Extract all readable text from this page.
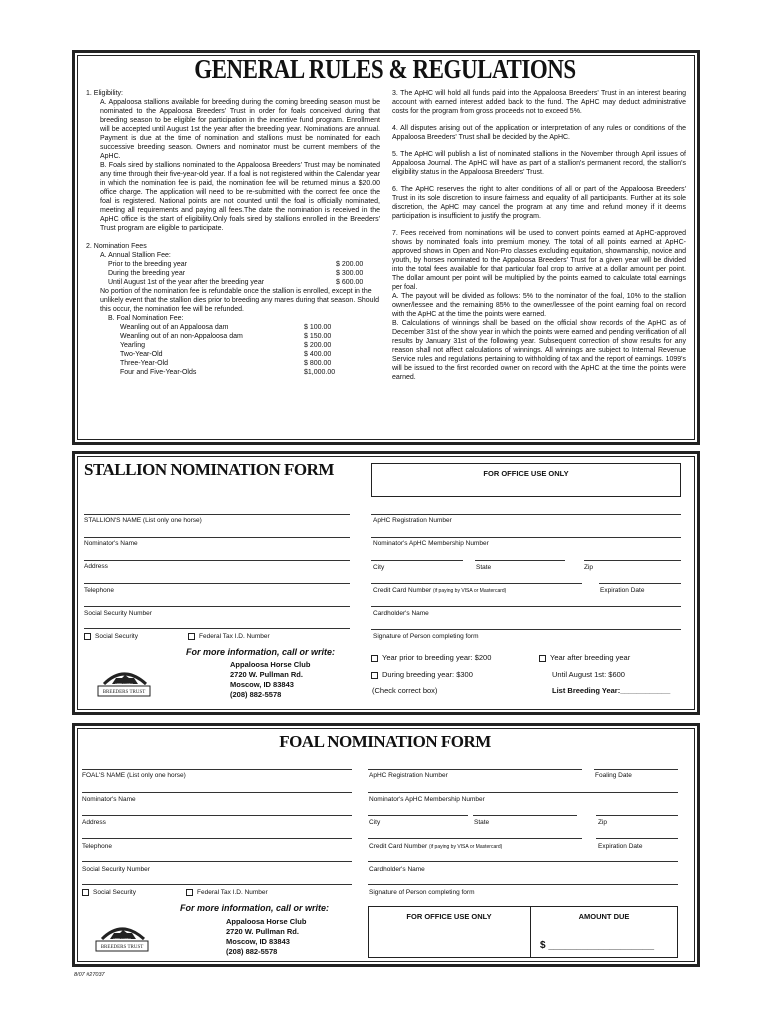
GENERAL RULES & REGULATIONS
1. Eligibility:
A. Appaloosa stallions available for breeding during the coming breeding season must be nominated to the Appaloosa Breeders' Trust in order for foals conceived during that breeding season to be eligible for participation in the incentive fund program. Enrollment will be accepted until August 1st the year after the breeding year. Nominations are annual. Payment is due at the time of nomination and stallions must be nominated for each successive breeding season. Owners and nominator must be current members of the ApHC.
B. Foals sired by stallions nominated to the Appaloosa Breeders' Trust may be nominated any time through their five-year-old year. If a foal is not registered within the Calendar year in which the nomination fee is paid, the nomination fee will be returned minus a $20.00 office charge. The application will need to be re-submitted with the correct fee once the foal is registered. National points are not counted until the foal is officially nominated, meeting all requirements and paying all fees.The date the nomination is received in the ApHC office is the start of eligibility.Only foals sired by stallions enrolled in the Breeders' Trust program are eligible to participate.
2. Nomination Fees
A. Annual Stallion Fee:
Prior to the breeding year	$ 200.00
During the breeding year	$ 300.00
Until August 1st of the year after the breeding year	$ 600.00
No portion of the nomination fee is refundable once the stallion is enrolled, except in the unlikely event that the stallion dies prior to breeding any mares during that season. Should this occur, the nomination fee will be refunded.
B. Foal Nomination Fee:
Weanling out of an Appaloosa dam	$ 100.00
Weanling out of an non-Appaloosa dam	$ 150.00
Yearling	$ 200.00
Two-Year-Old	$ 400.00
Three-Year-Old	$ 800.00
Four and Five-Year-Olds	$1,000.00
3. The ApHC will hold all funds paid into the Appaloosa Breeders' Trust in an interest bearing account with earned interest added back to the fund. The ApHC may deduct administrative costs for the program from gross proceeds not to exceed 5%.
4. All disputes arising out of the application or interpretation of any rules or conditions of the Appaloosa Breeders' Trust shall be decided by the ApHC.
5. The ApHC will publish a list of nominated stallions in the November through April issues of Appaloosa Journal. The ApHC will have as part of a stallion's permanent record, the stallion's eligibility status in the Appaloosa Breeders' Trust.
6. The ApHC reserves the right to alter conditions of all or part of the Appaloosa Breeders' Trust in its sole discretion to insure fairness and equality of all participants. Further at its sole discretion, the ApHC may cancel the program at any time and refund money if it deems participation is insufficient to justify the program.
7. Fees received from nominations will be used to convert points earned at ApHC-approved shows by nominated foals into premium money. The total of all points earned at ApHC-approved shows in Open and Non-Pro classes excluding equitation, showmanship, novice and youth, by horses nominated to the Appaloosa Breeders' Trust for a given year will be divided into the total fees available for that particular foal crop to arrive at a dollar amount per point. The dollar amount per point will be multiplied by the points earned to calculate total earnings per foal.
A. The payout will be divided as follows: 5% to the nominator of the foal, 10% to the stallion owner/lessee and the remaining 85% to the owner/lessee of the point earning foal on record with the ApHC at the time the points were earned.
B. Calculations of winnings shall be based on the official show records of the ApHC as of December 31st of the show year in which the points were earned and pending verification of all results by January 31st of the following year. Subsequent correction of show results for any reason shall not affect calculations of winnings. All winnings are subject to Internal Revenue Service rules and regulations pertaining to withholding of tax and the report of earnings. 1099's will be issued to the first recorded owner on record with the ApHC at the time the points were earned.
STALLION NOMINATION FORM	FOR OFFICE USE ONLY
STALLION'S NAME (List only one horse)
Nominator's Name
Address
Telephone
Social Security Number
Social Security	Federal Tax I.D. Number
For more information, call or write:
BREEDERS TRUST
APPALOOSA
Appaloosa Horse Club
2720 W. Pullman Rd.
Moscow, ID 83843
(208) 882-5578
ApHC Registration Number
Nominator's ApHC Membership Number
City	State	Zip
Credit Card Number (if paying by VISA or Mastercard)	Expiration Date
Cardholder's Name
Signature of Person completing form
Year prior to breeding year: $200	Year after breeding year
During breeding year: $300	Until August 1st: $600
(Check correct box)	List Breeding Year:____________
FOAL NOMINATION FORM
FOAL'S NAME (List only one horse)
Nominator's Name
Address
Telephone
Social Security Number
Social Security	Federal Tax I.D. Number
For more information, call or write:
BREEDERS TRUST
APPALOOSA
Appaloosa Horse Club
2720 W. Pullman Rd.
Moscow, ID 83843
(208) 882-5578
ApHC Registration Number	Foaling Date
Nominator's ApHC Membership Number
City	State	Zip
Credit Card Number (if paying by VISA or Mastercard)	Expiration Date
Cardholder's Name
Signature of Person completing form
FOR OFFICE USE ONLY	AMOUNT DUE
$ ___________________
8/07 #27037
